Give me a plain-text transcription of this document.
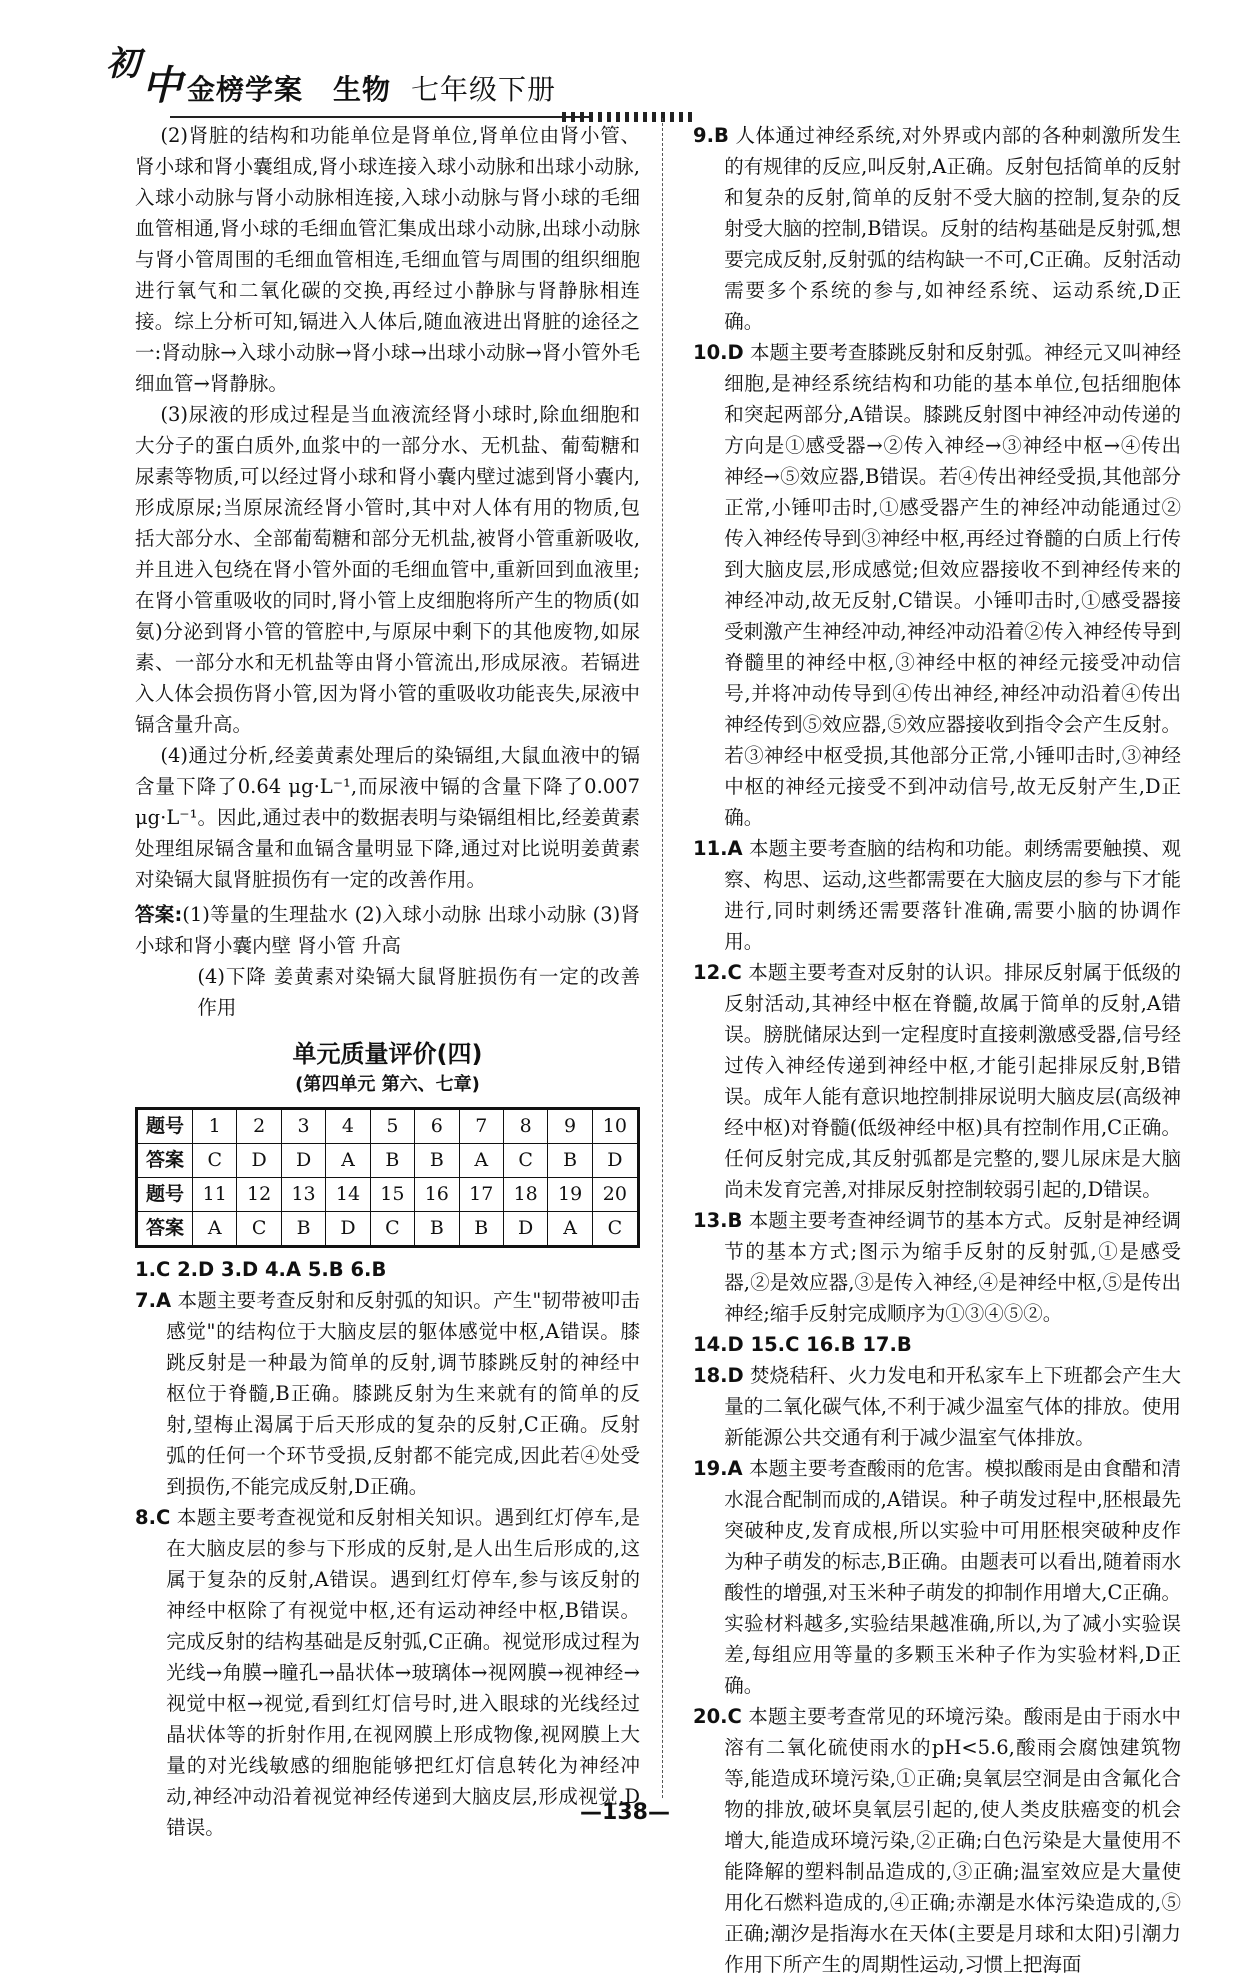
初 中 金榜学案 生物 七年级下册

(2)肾脏的结构和功能单位是肾单位,肾单位由肾小管、肾小球和肾小囊组成,肾小球连接入球小动脉和出球小动脉,入球小动脉与肾小动脉相连接,入球小动脉与肾小球的毛细血管相通,肾小球的毛细血管汇集成出球小动脉,出球小动脉与肾小管周围的毛细血管相连,毛细血管与周围的组织细胞进行氧气和二氧化碳的交换,再经过小静脉与肾静脉相连接。综上分析可知,镉进入人体后,随血液进出肾脏的途径之一:肾动脉→入球小动脉→肾小球→出球小动脉→肾小管外毛细血管→肾静脉。

(3)尿液的形成过程是当血液流经肾小球时,除血细胞和大分子的蛋白质外,血浆中的一部分水、无机盐、葡萄糖和尿素等物质,可以经过肾小球和肾小囊内壁过滤到肾小囊内,形成原尿;当原尿流经肾小管时,其中对人体有用的物质,包括大部分水、全部葡萄糖和部分无机盐,被肾小管重新吸收,并且进入包绕在肾小管外面的毛细血管中,重新回到血液里;在肾小管重吸收的同时,肾小管上皮细胞将所产生的物质(如氨)分泌到肾小管的管腔中,与原尿中剩下的其他废物,如尿素、一部分水和无机盐等由肾小管流出,形成尿液。若镉进入人体会损伤肾小管,因为肾小管的重吸收功能丧失,尿液中镉含量升高。

(4)通过分析,经姜黄素处理后的染镉组,大鼠血液中的镉含量下降了0.64 μg·L⁻¹,而尿液中镉的含量下降了0.007 μg·L⁻¹。因此,通过表中的数据表明与染镉组相比,经姜黄素处理组尿镉含量和血镉含量明显下降,通过对比说明姜黄素对染镉大鼠肾脏损伤有一定的改善作用。

答案:(1)等量的生理盐水 (2)入球小动脉 出球小动脉 (3)肾小球和肾小囊内壁 肾小管 升高
(4)下降 姜黄素对染镉大鼠肾脏损伤有一定的改善作用
单元质量评价(四)
(第四单元 第六、七章)
题号	1	2	3	4	5	6	7	8	9	10
答案	C	D	D	A	B	B	A	C	B	D
题号	11	12	13	14	15	16	17	18	19	20
答案	A	C	B	D	C	B	B	D	A	C

1.C 2.D 3.D 4.A 5.B 6.B

7.A 本题主要考查反射和反射弧的知识。产生"韧带被叩击感觉"的结构位于大脑皮层的躯体感觉中枢,A错误。膝跳反射是一种最为简单的反射,调节膝跳反射的神经中枢位于脊髓,B正确。膝跳反射为生来就有的简单的反射,望梅止渴属于后天形成的复杂的反射,C正确。反射弧的任何一个环节受损,反射都不能完成,因此若④处受到损伤,不能完成反射,D正确。

8.C 本题主要考查视觉和反射相关知识。遇到红灯停车,是在大脑皮层的参与下形成的反射,是人出生后形成的,这属于复杂的反射,A错误。遇到红灯停车,参与该反射的神经中枢除了有视觉中枢,还有运动神经中枢,B错误。完成反射的结构基础是反射弧,C正确。视觉形成过程为光线→角膜→瞳孔→晶状体→玻璃体→视网膜→视神经→视觉中枢→视觉,看到红灯信号时,进入眼球的光线经过晶状体等的折射作用,在视网膜上形成物像,视网膜上大量的对光线敏感的细胞能够把红灯信息转化为神经冲动,神经冲动沿着视觉神经传递到大脑皮层,形成视觉,D错误。

9.B 人体通过神经系统,对外界或内部的各种刺激所发生的有规律的反应,叫反射,A正确。反射包括简单的反射和复杂的反射,简单的反射不受大脑的控制,复杂的反射受大脑的控制,B错误。反射的结构基础是反射弧,想要完成反射,反射弧的结构缺一不可,C正确。反射活动需要多个系统的参与,如神经系统、运动系统,D正确。

10.D 本题主要考查膝跳反射和反射弧。神经元又叫神经细胞,是神经系统结构和功能的基本单位,包括细胞体和突起两部分,A错误。膝跳反射图中神经冲动传递的方向是①感受器→②传入神经→③神经中枢→④传出神经→⑤效应器,B错误。若④传出神经受损,其他部分正常,小锤叩击时,①感受器产生的神经冲动能通过②传入神经传导到③神经中枢,再经过脊髓的白质上行传到大脑皮层,形成感觉;但效应器接收不到神经传来的神经冲动,故无反射,C错误。小锤叩击时,①感受器接受刺激产生神经冲动,神经冲动沿着②传入神经传导到脊髓里的神经中枢,③神经中枢的神经元接受冲动信号,并将冲动传导到④传出神经,神经冲动沿着④传出神经传到⑤效应器,⑤效应器接收到指令会产生反射。若③神经中枢受损,其他部分正常,小锤叩击时,③神经中枢的神经元接受不到冲动信号,故无反射产生,D正确。

11.A 本题主要考查脑的结构和功能。刺绣需要触摸、观察、构思、运动,这些都需要在大脑皮层的参与下才能进行,同时刺绣还需要落针准确,需要小脑的协调作用。

12.C 本题主要考查对反射的认识。排尿反射属于低级的反射活动,其神经中枢在脊髓,故属于简单的反射,A错误。膀胱储尿达到一定程度时直接刺激感受器,信号经过传入神经传递到神经中枢,才能引起排尿反射,B错误。成年人能有意识地控制排尿说明大脑皮层(高级神经中枢)对脊髓(低级神经中枢)具有控制作用,C正确。任何反射完成,其反射弧都是完整的,婴儿尿床是大脑尚未发育完善,对排尿反射控制较弱引起的,D错误。

13.B 本题主要考查神经调节的基本方式。反射是神经调节的基本方式;图示为缩手反射的反射弧,①是感受器,②是效应器,③是传入神经,④是神经中枢,⑤是传出神经;缩手反射完成顺序为①③④⑤②。

14.D 15.C 16.B 17.B

18.D 焚烧秸秆、火力发电和开私家车上下班都会产生大量的二氧化碳气体,不利于减少温室气体的排放。使用新能源公共交通有利于减少温室气体排放。

19.A 本题主要考查酸雨的危害。模拟酸雨是由食醋和清水混合配制而成的,A错误。种子萌发过程中,胚根最先突破种皮,发育成根,所以实验中可用胚根突破种皮作为种子萌发的标志,B正确。由题表可以看出,随着雨水酸性的增强,对玉米种子萌发的抑制作用增大,C正确。实验材料越多,实验结果越准确,所以,为了减小实验误差,每组应用等量的多颗玉米种子作为实验材料,D正确。

20.C 本题主要考查常见的环境污染。酸雨是由于雨水中溶有二氧化硫使雨水的pH<5.6,酸雨会腐蚀建筑物等,能造成环境污染,①正确;臭氧层空洞是由含氟化合物的排放,破坏臭氧层引起的,使人类皮肤癌变的机会增大,能造成环境污染,②正确;白色污染是大量使用不能降解的塑料制品造成的,③正确;温室效应是大量使用化石燃料造成的,④正确;赤潮是水体污染造成的,⑤正确;潮汐是指海水在天体(主要是月球和太阳)引潮力作用下所产生的周期性运动,习惯上把海面

—138—
